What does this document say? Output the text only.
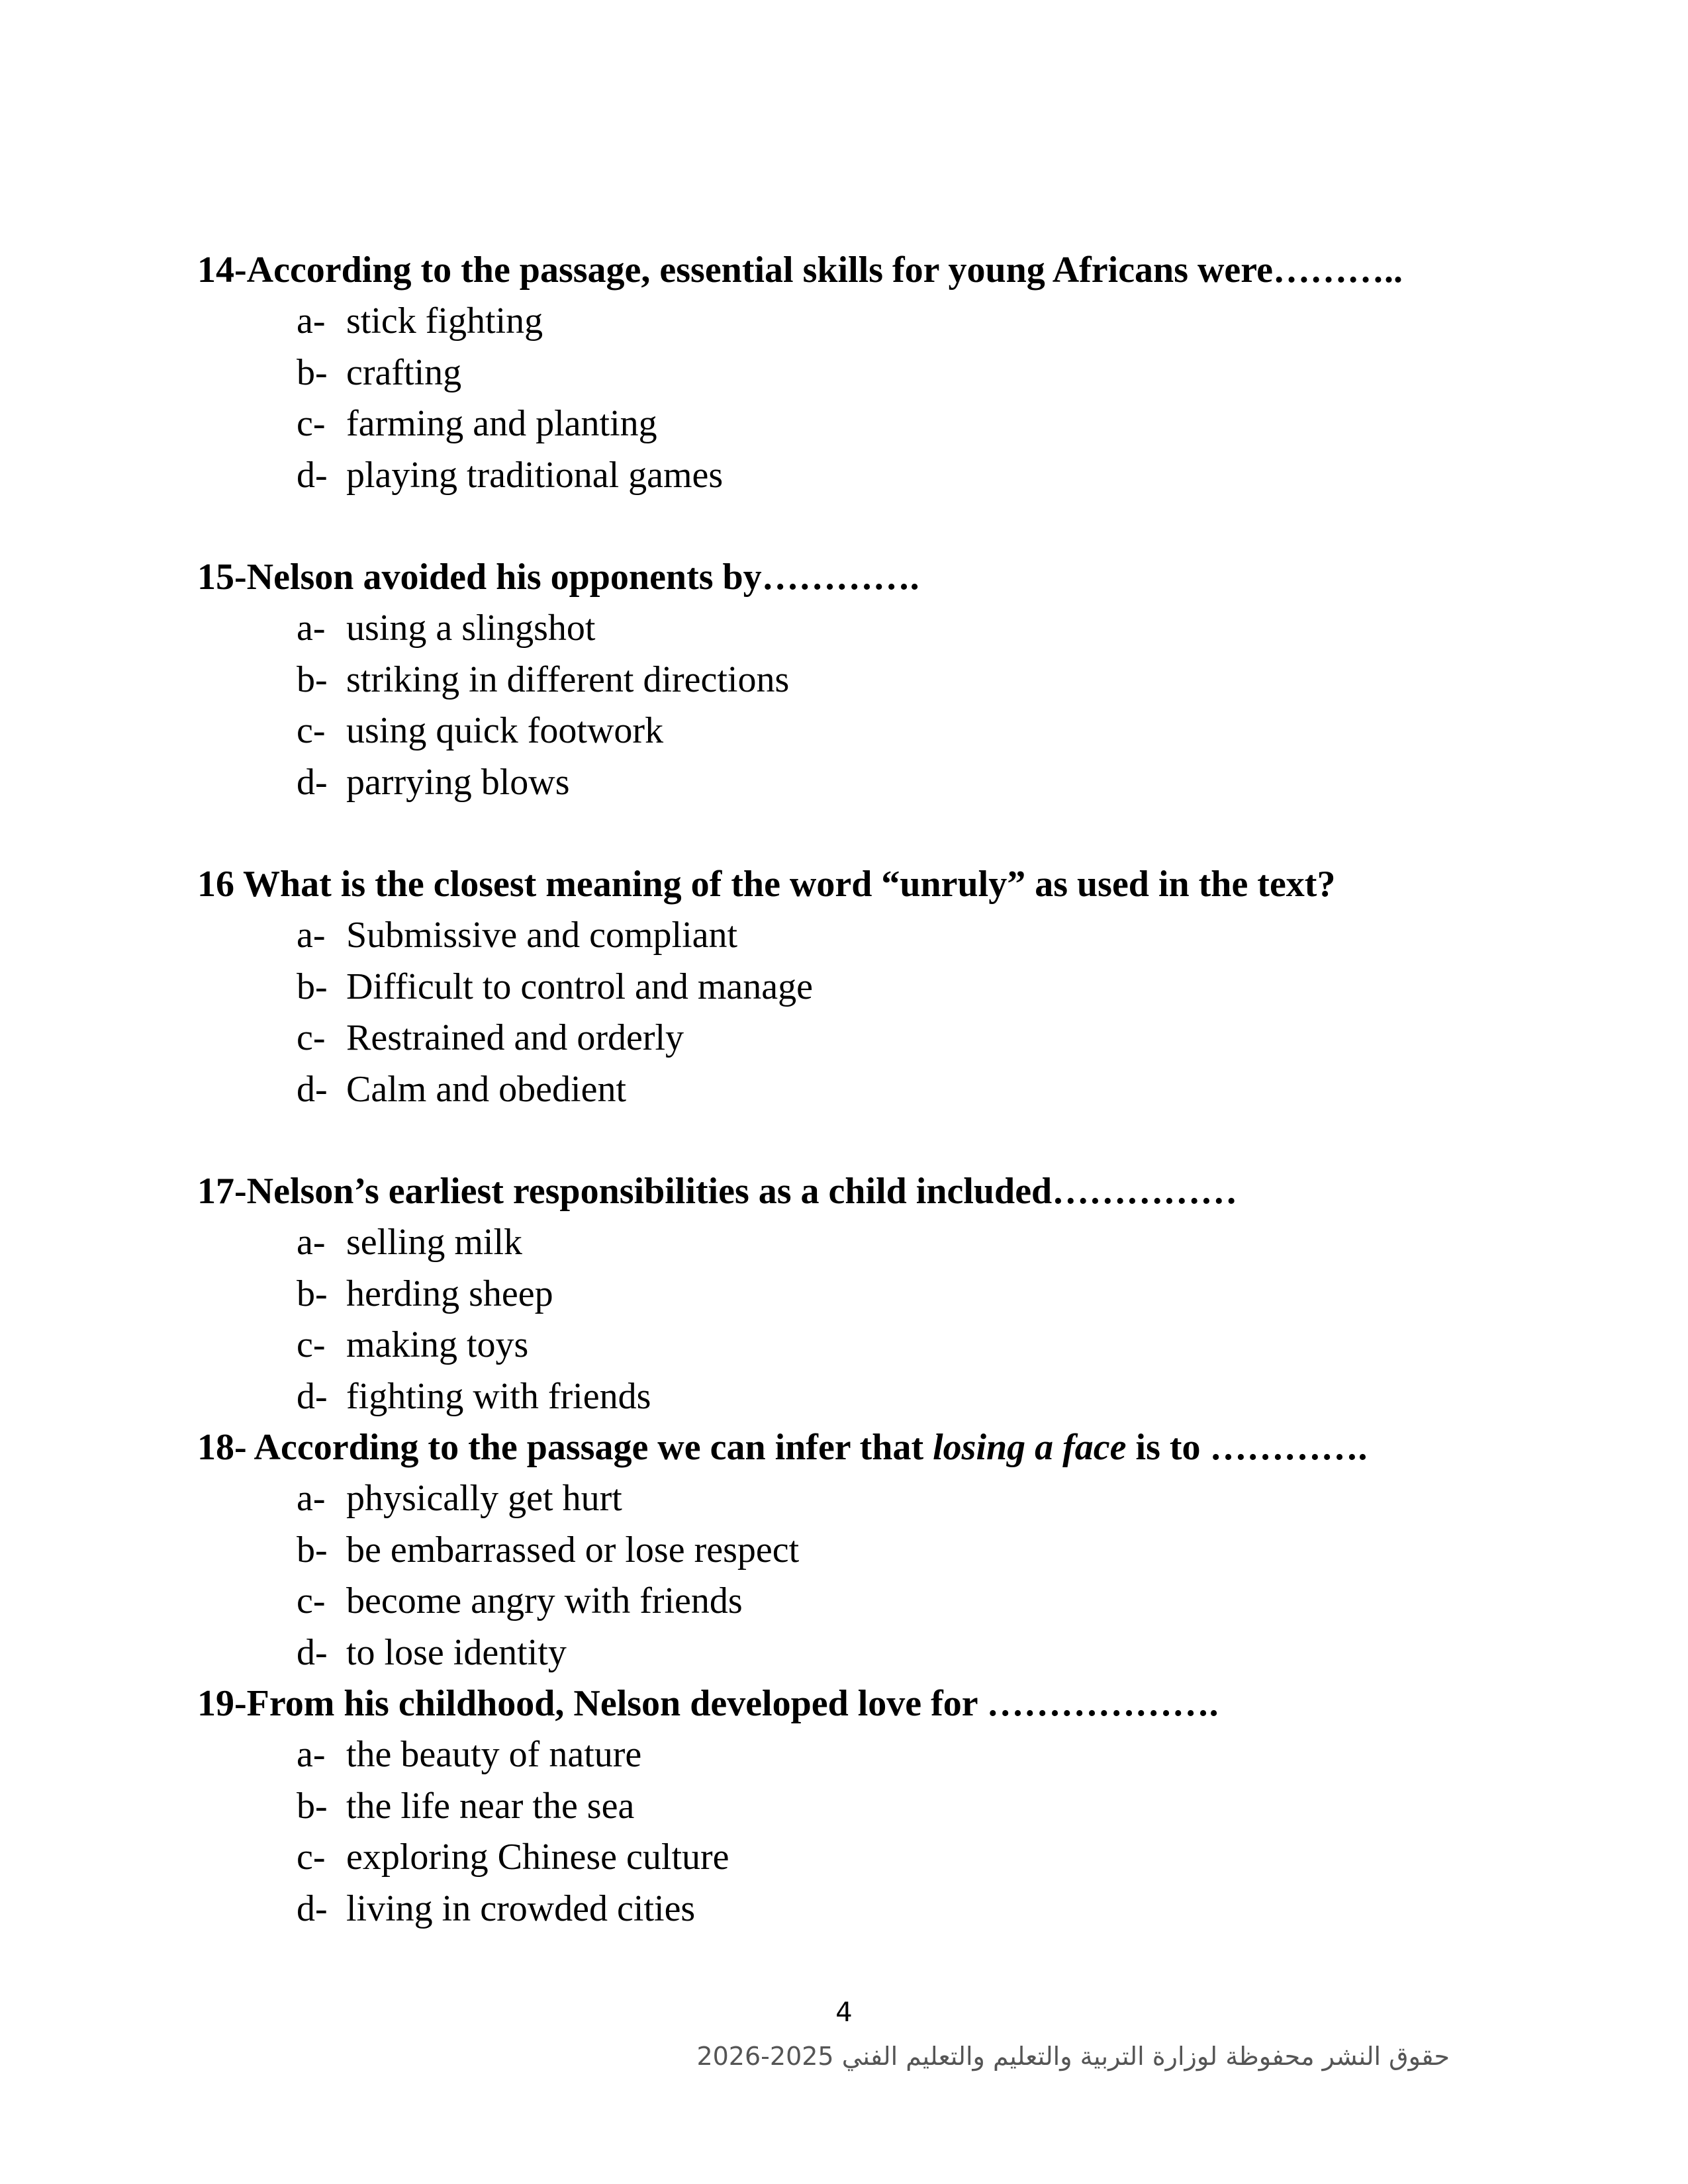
14-According to the passage, essential skills for young Africans were………..
a- stick fighting
b- crafting
c- farming and planting
d- playing traditional games
15-Nelson avoided his opponents by………….
a- using a slingshot
b- striking in different directions
c- using quick footwork
d- parrying blows
16 What is the closest meaning of the word “unruly” as used in the text?
a- Submissive and compliant
b- Difficult to control and manage
c- Restrained and orderly
d- Calm and obedient
17-Nelson’s earliest responsibilities as a child included……………
a- selling milk
b- herding sheep
c- making toys
d- fighting with friends
18- According to the passage we can infer that losing a face is to ………….
a- physically get hurt
b- be embarrassed or lose respect
c- become angry with friends
d- to lose identity
19-From his childhood, Nelson developed love for ……………….
a- the beauty of nature
b- the life near the sea
c- exploring Chinese culture
d- living in crowded cities
4
حقوق النشر محفوظة لوزارة التربية والتعليم والتعليم الفني 2025-2026
